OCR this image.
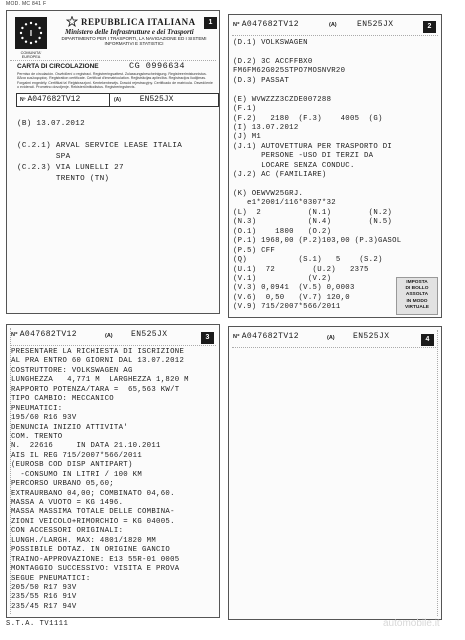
MOD. MC 841 F
1
I
REPUBBLICA ITALIANA
Ministero delle Infrastrutture e dei Trasporti
DIPARTIMENTO PER I TRASPORTI, LA NAVIGAZIONE ED I SISTEMI INFORMATIVI E STATISTICI
COMUNITA' EUROPEA
CARTA DI CIRCOLAZIONE	CG 0996634
Permiso de circulación. Osvědčení o registraci. Registreringsattest. Zulassungsbescheinigung. Registreerimistunnistus. Άδεια κυκλοφορίας. Registration certificate. Certificat d'immatriculation. Reģistrācijas apliecība. Registracijos liudijimas. Forgalmi engedély. Certifikat ta' Reġistrazzjoni. Kentekenbewijs. Dowód rejestracyjny. Certificado de matrícula. Osvedčenie o evidencii. Prometno dovoljenje. Rekisteröintitodistus. Registreringsbevis.
Nº A047682TV12	(A) EN525JX
(B) 13.07.2012
(C.2.1) ARVAL SERVICE LEASE ITALIA
SPA
(C.2.3) VIA LUNELLI 27
TRENTO (TN)
2
Nº A047682TV12	(A)	EN525JX
(D.1) VOLKSWAGEN
(D.2) 3C ACCFFBX0
FM6FM62G025STPO7MOSNVR20
(D.3) PASSAT
(E) WVWZZZ3CZDE007288
(F.1)
(F.2)   2180  (F.3)    4005  (G)
(I) 13.07.2012
(J) M1
(J.1) AUTOVETTURA PER TRASPORTO DI
PERSONE -USO DI TERZI DA
LOCARE SENZA CONDUC.
(J.2) AC (FAMILIARE)
(K) OEWVW25GRJ.
e1*2001/116*0307*32
(L)  2          (N.1)        (N.2)
(N.3)           (N.4)        (N.5)
(O.1)    1800   (O.2)
(P.1) 1968,00 (P.2)103,00 (P.3)GASOL
(P.5) CFF
(Q)           (S.1)   5    (S.2)
(U.1)  72        (U.2)   2375
(V.1)           (V.2)
(V.3) 0,0941  (V.5) 0,0003
(V.6)  0,50   (V.7) 120,0
(V.9) 715/2007*566/2011
IMPOSTA
DI BOLLO
ASSOLTA
IN MODO
VIRTUALE
Nº A047682TV12	(A) EN525JX	3
PRESENTARE LA RICHIESTA DI ISCRIZIONE
AL PRA ENTRO 60 GIORNI DAL 13.07.2012
COSTRUTTORE: VOLKSWAGEN AG
LUNGHEZZA   4,771 M  LARGHEZZA 1,820 M
RAPPORTO POTENZA/TARA =  65,563 KW/T
TIPO CAMBIO: MECCANICO
PNEUMATICI:
195/60 R16 93V
DENUNCIA INIZIO ATTIVITA'
COM. TRENTO
N.  22616     IN DATA 21.10.2011
AIS IL REG 715/2007*566/2011
(EUROSB COD DISP ANTIPART)
-CONSUMO IN LITRI / 100 KM
PERCORSO URBANO 05,60;
EXTRAURBANO 04,00; COMBINATO 04,60.
MASSA A VUOTO = KG 1496.
MASSA MASSIMA TOTALE DELLE COMBINA-
ZIONI VEICOLO+RIMORCHIO = KG 04005.
CON ACCESSORI ORIGINALI:
LUNGH./LARGH. MAX: 4801/1820 MM
POSSIBILE DOTAZ. IN ORIGINE GANCIO
TRAINO-APPROVAZIONE: E13 55R-01 0005
MONTAGGIO SUCCESSIVO: VISITA E PROVA
SEGUE PNEUMATICI:
205/50 R17 93V
235/55 R16 91V
235/45 R17 94V
Nº A047682TV12	(A) EN525JX	4
S.T.A. TV1111	automobile.it
